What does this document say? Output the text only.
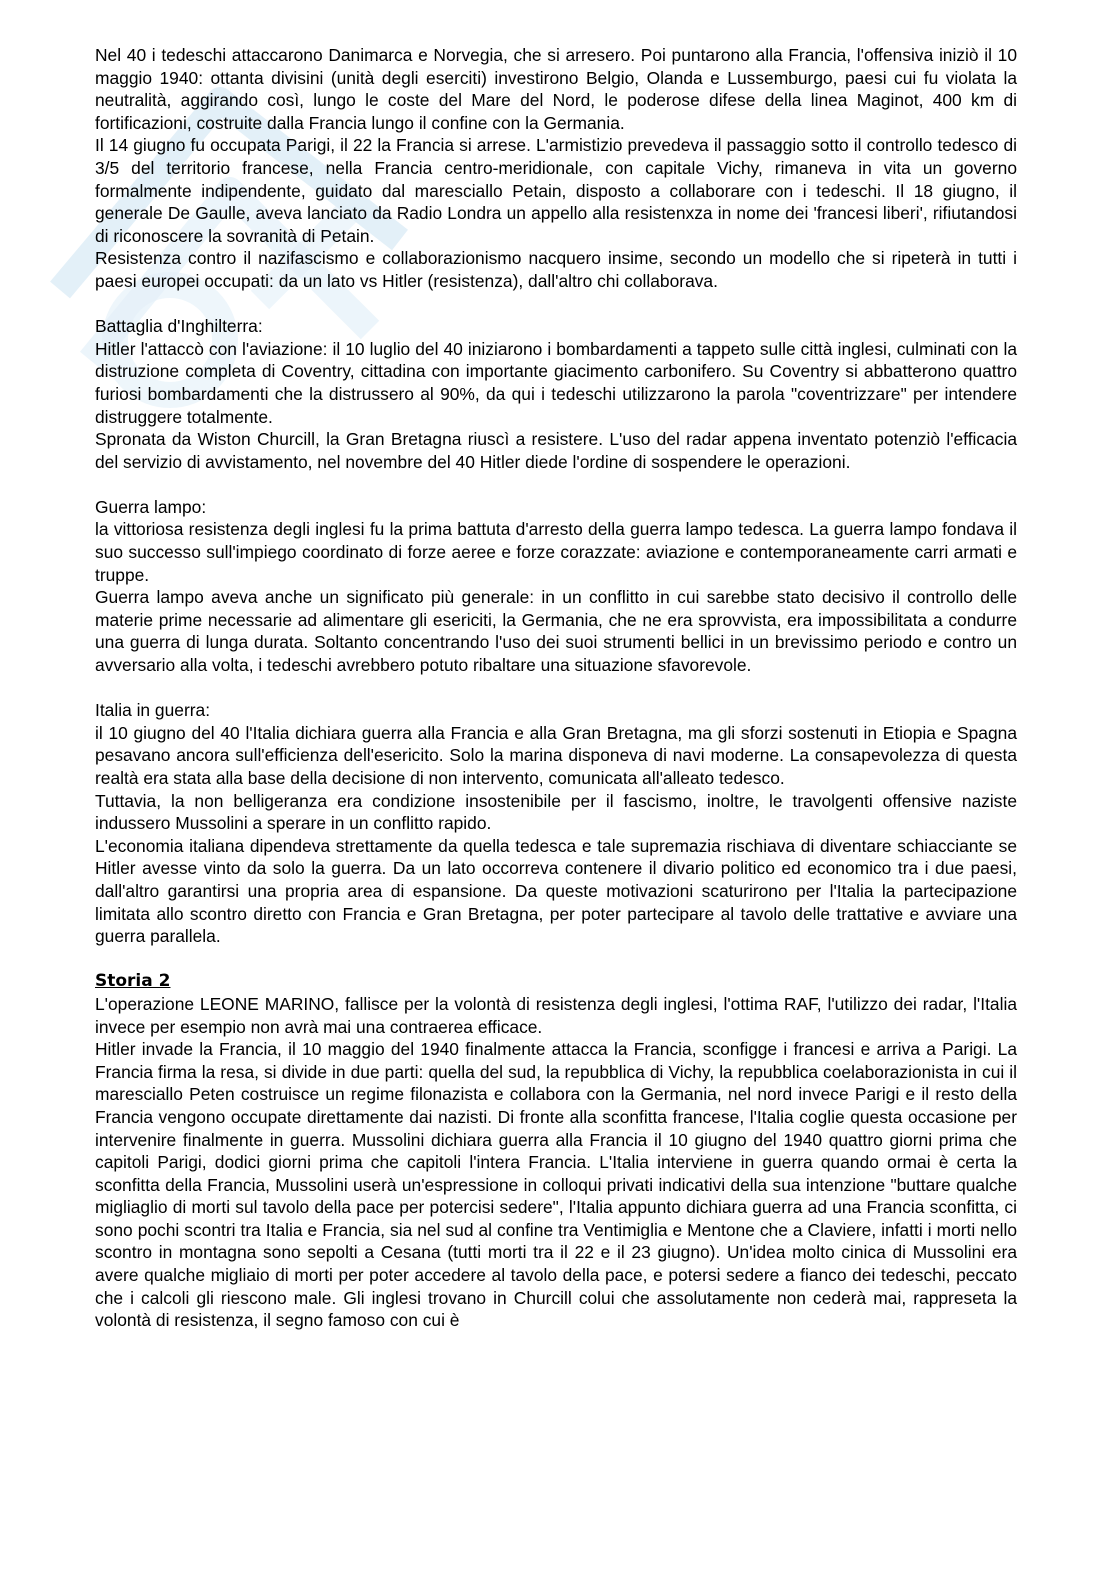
Nel 40 i tedeschi attaccarono Danimarca e Norvegia, che si arresero. Poi puntarono alla Francia, l'offensiva iniziò il 10 maggio 1940: ottanta divisini (unità degli eserciti) investirono Belgio, Olanda e Lussemburgo, paesi cui fu violata la neutralità, aggirando così, lungo le coste del Mare del Nord, le poderose difese della linea Maginot, 400 km di fortificazioni, costruite dalla Francia lungo il confine con la Germania.

Il 14 giugno fu occupata Parigi, il 22 la Francia si arrese. L'armistizio prevedeva il passaggio sotto il controllo tedesco di 3/5 del territorio francese, nella Francia centro-meridionale, con capitale Vichy, rimaneva in vita un governo formalmente indipendente, guidato dal maresciallo Petain, disposto a collaborare con i tedeschi. Il 18 giugno, il generale De Gaulle, aveva lanciato da Radio Londra un appello alla resistenxza in nome dei 'francesi liberi', rifiutandosi di riconoscere la sovranità di Petain.

Resistenza contro il nazifascismo e collaborazionismo nacquero insime, secondo un modello che si ripeterà in tutti i paesi europei occupati: da un lato vs Hitler (resistenza), dall'altro chi collaborava.

Battaglia d'Inghilterra:

Hitler l'attaccò con l'aviazione: il 10 luglio del 40 iniziarono i bombardamenti a tappeto sulle città inglesi, culminati con la distruzione completa di Coventry, cittadina con importante giacimento carbonifero. Su Coventry si abbatterono quattro furiosi bombardamenti che la distrussero al 90%, da qui i tedeschi utilizzarono la parola "coventrizzare" per intendere distruggere totalmente.

Spronata da Wiston Churcill, la Gran Bretagna riuscì a resistere. L'uso del radar appena inventato potenziò l'efficacia del servizio di avvistamento, nel novembre del 40 Hitler diede l'ordine di sospendere le operazioni.

Guerra lampo:

la vittoriosa resistenza degli inglesi fu la prima battuta d'arresto della guerra lampo tedesca. La guerra lampo fondava il suo successo sull'impiego coordinato di forze aeree e forze corazzate: aviazione e contemporaneamente carri armati e truppe.

Guerra lampo aveva anche un significato più generale: in un conflitto in cui sarebbe stato decisivo il controllo delle materie prime necessarie ad alimentare gli esericiti, la Germania, che ne era sprovvista, era impossibilitata a condurre una guerra di lunga durata. Soltanto concentrando l'uso dei suoi strumenti bellici in un brevissimo periodo e contro un avversario alla volta, i tedeschi avrebbero potuto ribaltare una situazione sfavorevole.

Italia in guerra:

il 10 giugno del 40 l'Italia dichiara guerra alla Francia e alla Gran Bretagna, ma gli sforzi sostenuti in Etiopia e Spagna pesavano ancora sull'efficienza dell'esericito. Solo la marina disponeva di navi moderne. La consapevolezza di questa realtà era stata alla base della decisione di non intervento, comunicata all'alleato tedesco.

Tuttavia, la non belligeranza era condizione insostenibile per il fascismo, inoltre, le travolgenti offensive naziste indussero Mussolini a sperare in un conflitto rapido.

L'economia italiana dipendeva strettamente da quella tedesca e tale supremazia rischiava di diventare schiacciante se Hitler avesse vinto da solo la guerra. Da un lato occorreva contenere il divario politico ed economico tra i due paesi, dall'altro garantirsi una propria area di espansione. Da queste motivazioni scaturirono per l'Italia la partecipazione limitata allo scontro diretto con Francia e Gran Bretagna, per poter partecipare al tavolo delle trattative e avviare una guerra parallela.

Storia 2

L'operazione LEONE MARINO, fallisce per la volontà di resistenza degli inglesi, l'ottima RAF, l'utilizzo dei radar, l'Italia invece per esempio non avrà mai una contraerea efficace.

Hitler invade la Francia, il 10 maggio del 1940 finalmente attacca la Francia, sconfigge i francesi e arriva a Parigi. La Francia firma la resa, si divide in due parti: quella del sud, la repubblica di Vichy, la repubblica coelaborazionista in cui il maresciallo Peten costruisce un regime filonazista e collabora con la Germania, nel nord invece Parigi e il resto della Francia vengono occupate direttamente dai nazisti. Di fronte alla sconfitta francese, l'Italia coglie questa occasione per intervenire finalmente in guerra. Mussolini dichiara guerra alla Francia il 10 giugno del 1940 quattro giorni prima che capitoli Parigi, dodici giorni prima che capitoli l'intera Francia. L'Italia interviene in guerra quando ormai è certa la sconfitta della Francia, Mussolini userà un'espressione in colloqui privati indicativi della sua intenzione "buttare qualche migliaglio di morti sul tavolo della pace per potercisi sedere", l'Italia appunto dichiara guerra ad una Francia sconfitta, ci sono pochi scontri tra Italia e Francia, sia nel sud al confine tra Ventimiglia e Mentone che a Claviere, infatti i morti nello scontro in montagna sono sepolti a Cesana (tutti morti tra il 22 e il 23 giugno). Un'idea molto cinica di Mussolini era avere qualche migliaio di morti per poter accedere al tavolo della pace, e potersi sedere a fianco dei tedeschi, peccato che i calcoli gli riescono male. Gli inglesi trovano in Churcill colui che assolutamente non cederà mai, rappreseta la volontà di resistenza, il segno famoso con cui è
